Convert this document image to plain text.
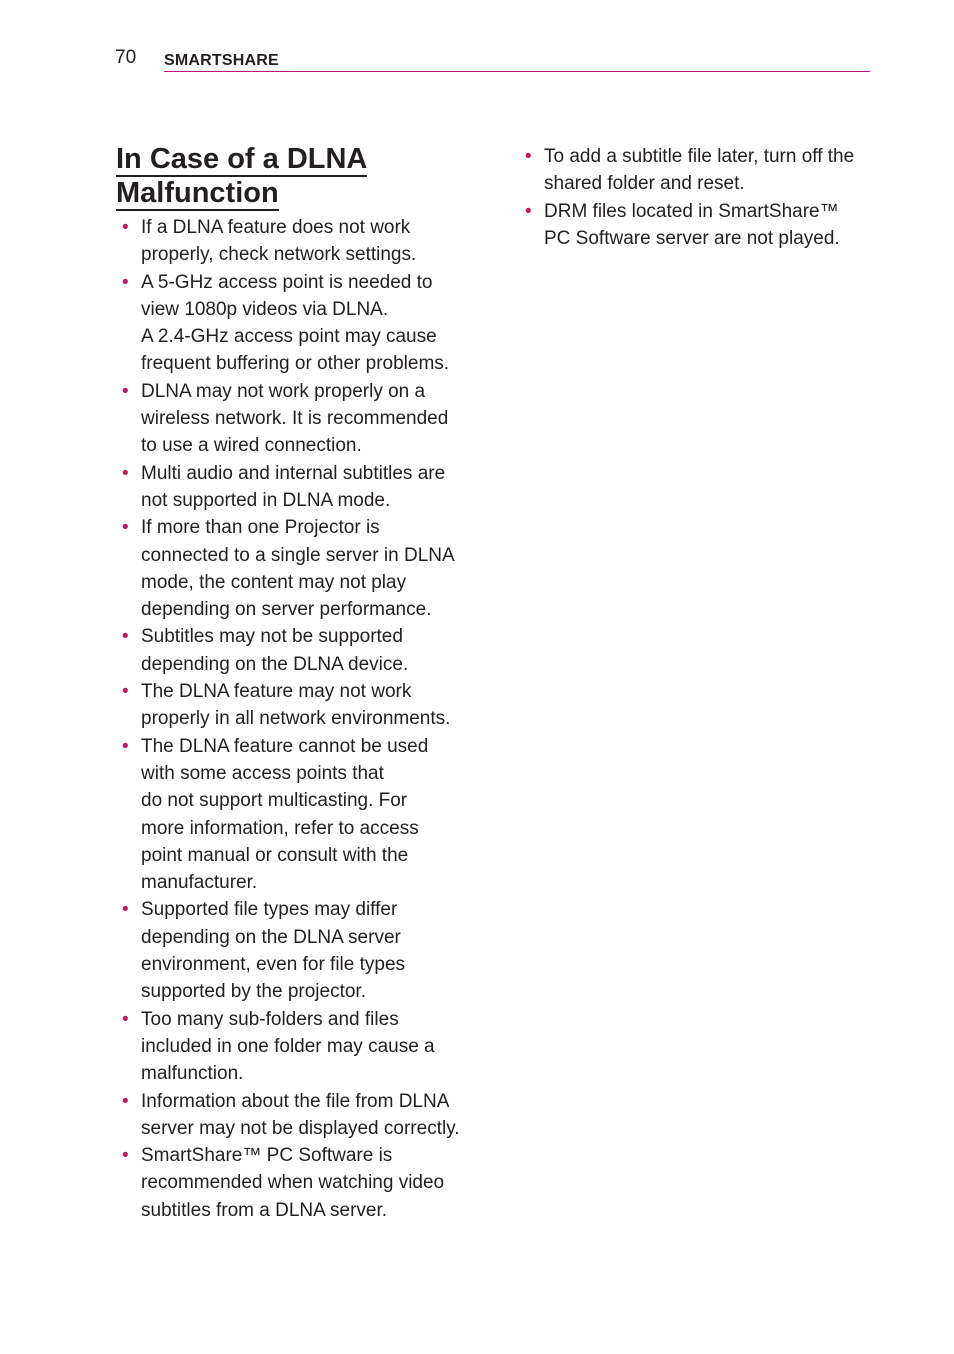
70 SMARTSHARE
In Case of a DLNA Malfunction
• If a DLNA feature does not work
properly, check network settings.
• A 5-GHz access point is needed to
view 1080p videos via DLNA.
A 2.4-GHz access point may cause
frequent buffering or other problems.
• DLNA may not work properly on a
wireless network. It is recommended
to use a wired connection.
• Multi audio and internal subtitles are
not supported in DLNA mode.
• If more than one Projector is
connected to a single server in DLNA
mode, the content may not play
depending on server performance.
• Subtitles may not be supported
depending on the DLNA device.
• The DLNA feature may not work
properly in all network environments.
• The DLNA feature cannot be used
with some access points that
do not support multicasting. For
more information, refer to access
point manual or consult with the
manufacturer.
• Supported file types may differ
depending on the DLNA server
environment, even for file types
supported by the projector.
• Too many sub-folders and files
included in one folder may cause a
malfunction.
• Information about the file from DLNA
server may not be displayed correctly.
• SmartShare™ PC Software is
recommended when watching video
subtitles from a DLNA server.
• To add a subtitle file later, turn off the
shared folder and reset.
• DRM files located in SmartShare™
PC Software server are not played.
